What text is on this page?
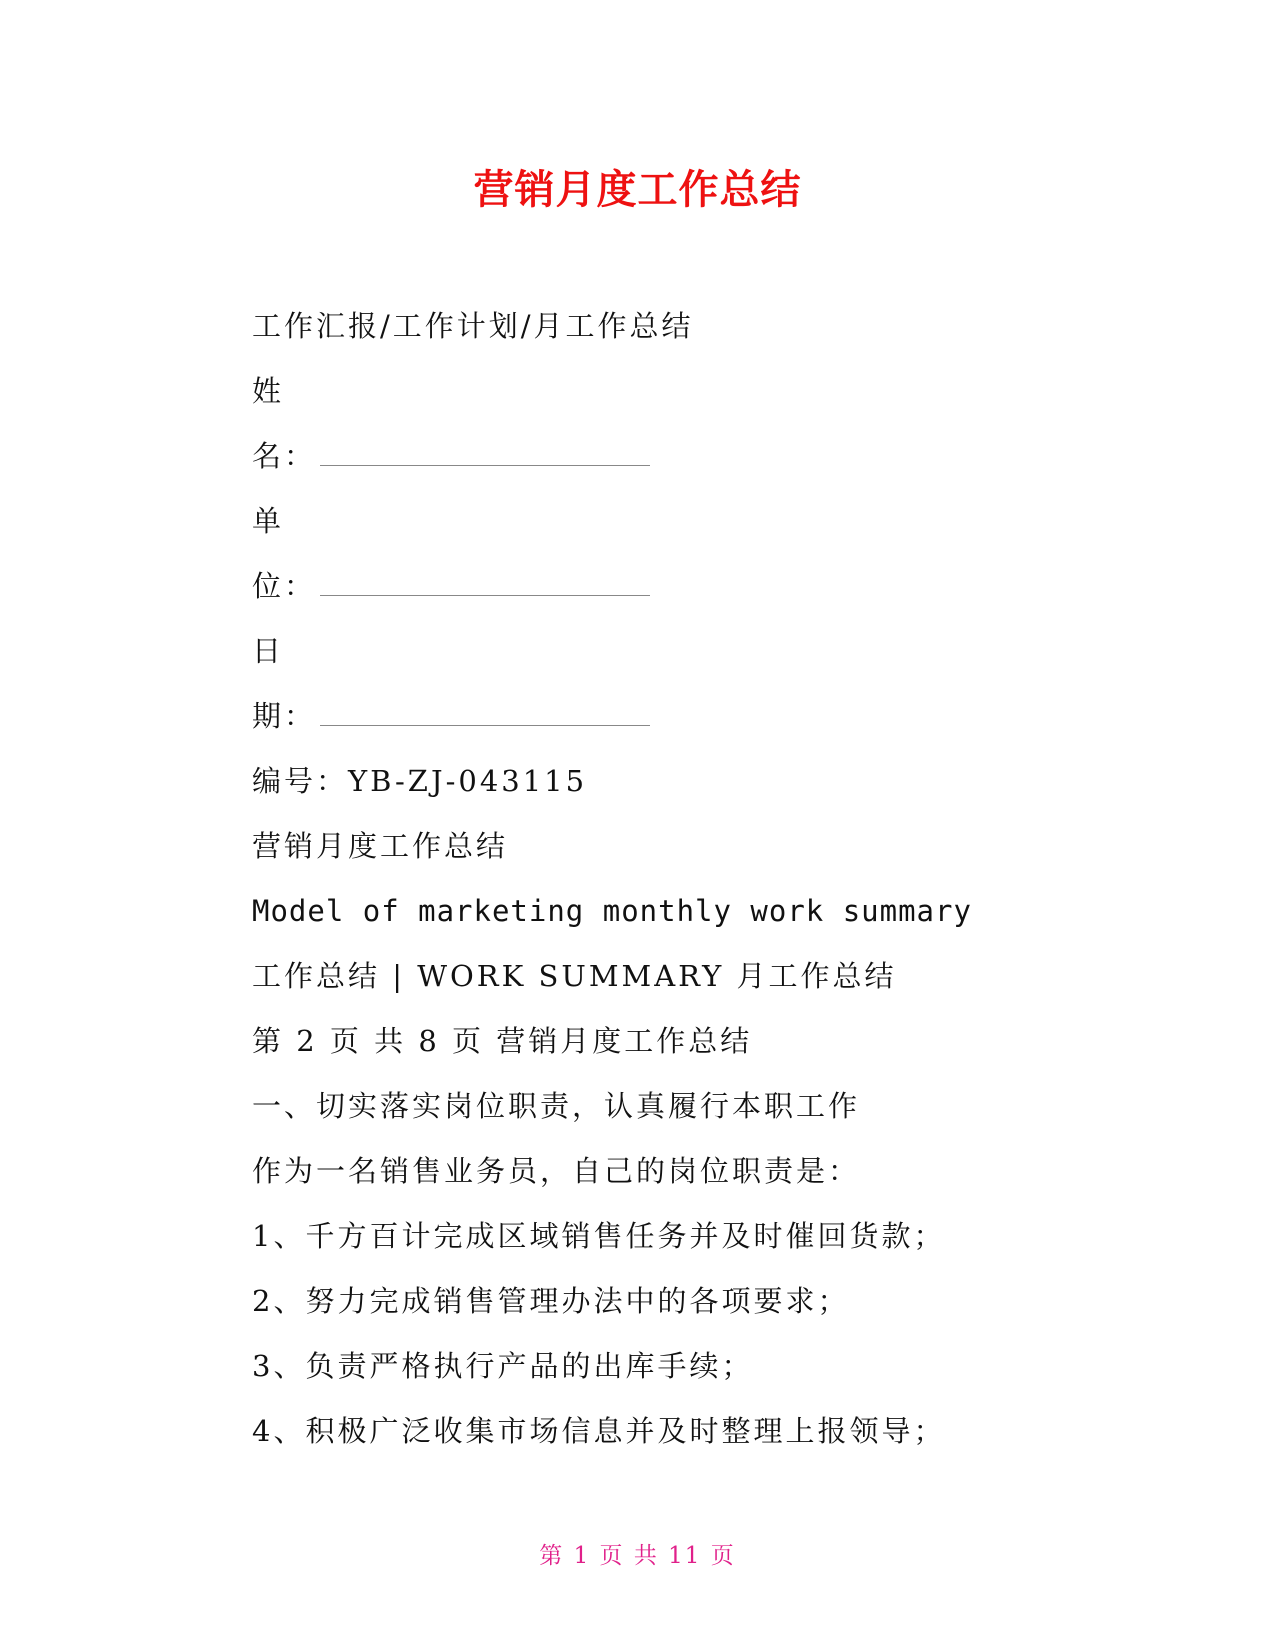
营销月度工作总结
工作汇报/工作计划/月工作总结
姓
名：
单
位：
日
期：
编号：YB-ZJ-043115
营销月度工作总结
Model of marketing monthly work summary
工作总结 | WORK SUMMARY 月工作总结
第 2 页 共 8 页 营销月度工作总结
一、切实落实岗位职责，认真履行本职工作
作为一名销售业务员，自己的岗位职责是：
1、千方百计完成区域销售任务并及时催回货款；
2、努力完成销售管理办法中的各项要求；
3、负责严格执行产品的出库手续；
4、积极广泛收集市场信息并及时整理上报领导；
第 1 页 共 11 页
